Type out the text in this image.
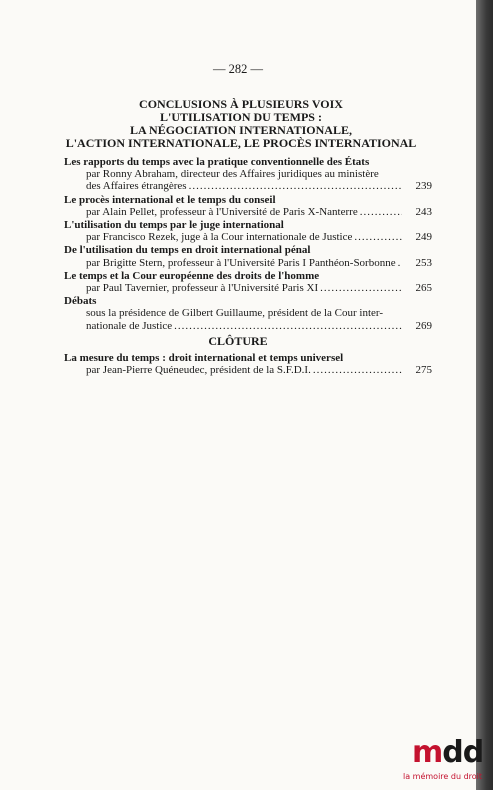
— 282 —
CONCLUSIONS À PLUSIEURS VOIX
L'UTILISATION DU TEMPS :
LA NÉGOCIATION INTERNATIONALE,
L'ACTION INTERNATIONALE, LE PROCÈS INTERNATIONAL
Les rapports du temps avec la pratique conventionnelle des États
par Ronny Abraham, directeur des Affaires juridiques au ministère
des Affaires étrangères .....	239
Le procès international et le temps du conseil
par Alain Pellet, professeur à l'Université de Paris X-Nanterre .....	243
L'utilisation du temps par le juge international
par Francisco Rezek, juge à la Cour internationale de Justice .....	249
De l'utilisation du temps en droit international pénal
par Brigitte Stern, professeur à l'Université Paris I Panthéon-Sorbonne .....	253
Le temps et la Cour européenne des droits de l'homme
par Paul Tavernier, professeur à l'Université Paris XI .....	265
Débats
sous la présidence de Gilbert Guillaume, président de la Cour inter-
nationale de Justice .....	269
CLÔTURE
La mesure du temps : droit international et temps universel
par Jean-Pierre Quéneudec, président de la S.F.D.I. .....	275
mdd
la mémoire du droit
